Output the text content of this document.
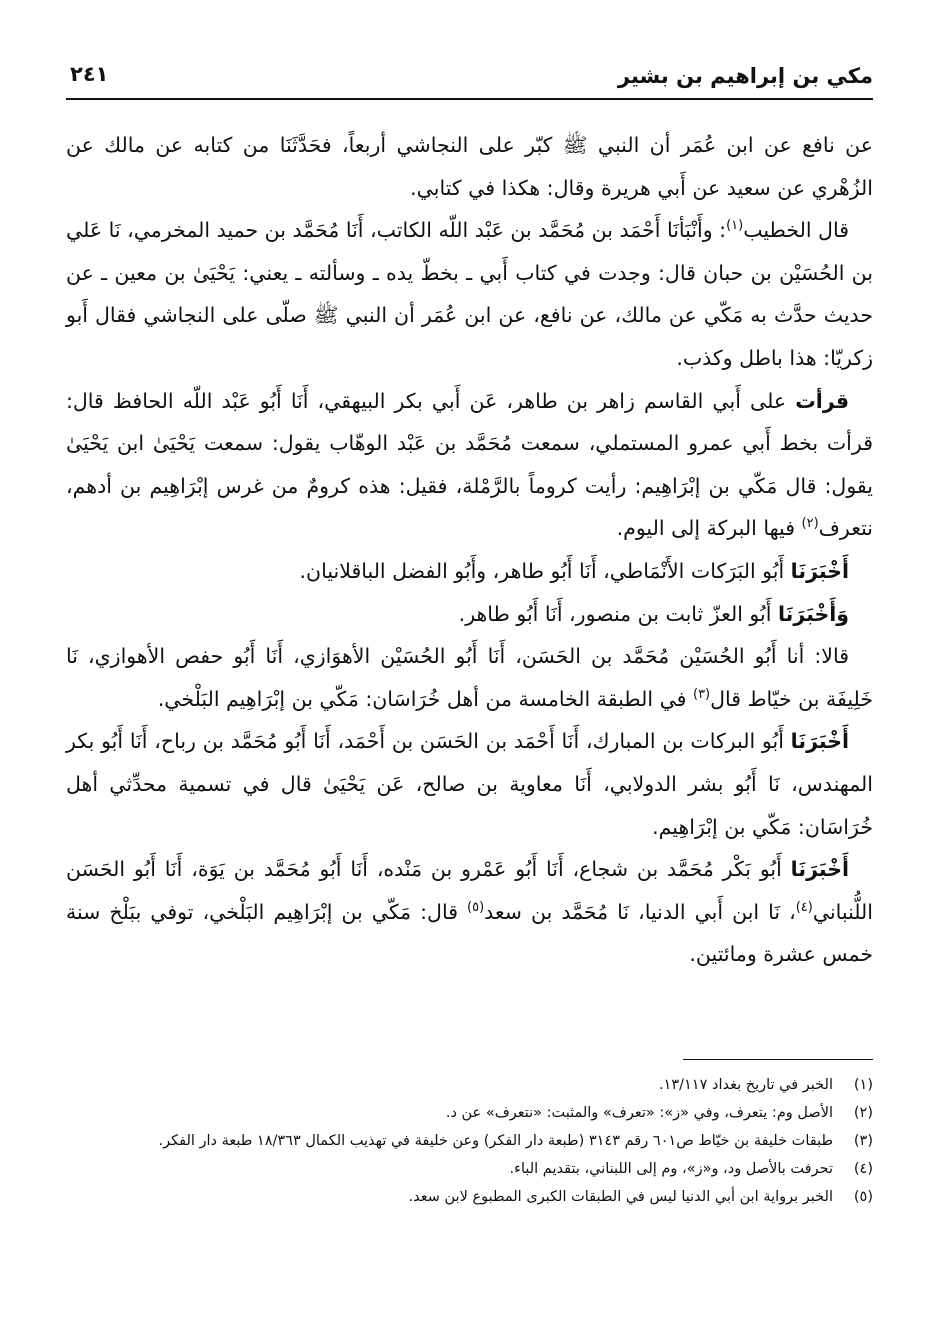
مكي بن إبراهيم بن بشير
٢٤١

عن نافع عن ابن عُمَر أن النبي ﷺ كبّر على النجاشي أربعاً، فحَدَّثَنَا من كتابه عن مالك عن الزُهْري عن سعيد عن أَبي هريرة وقال: هكذا في كتابي.

قال الخطيب$^{(١)}$: وأَنْبَأنَا أَحْمَد بن مُحَمَّد بن عَبْد اللّه الكاتب، أَنَا مُحَمَّد بن حميد المخرمي، نَا عَلي بن الحُسَيْن بن حبان قال: وجدت في كتاب أَبي ـ بخطّ يده ـ وسألته ـ يعني: يَحْيَىٰ بن معين ـ عن حديث حدَّث به مَكّي عن مالك، عن نافع، عن ابن عُمَر أن النبي ﷺ صلّى على النجاشي فقال أَبو زكريّا: هذا باطل وكذب.

قرأت على أَبي القاسم زاهر بن طاهر، عَن أَبي بكر البيهقي، أَنَا أَبُو عَبْد اللّه الحافظ قال: قرأت بخط أَبي عمرو المستملي، سمعت مُحَمَّد بن عَبْد الوهّاب يقول: سمعت يَحْيَىٰ ابن يَحْيَىٰ يقول: قال مَكّي بن إبْرَاهِيم: رأيت كروماً بالرَّمْلة، فقيل: هذه كرومٌ من غرس إبْرَاهِيم بن أدهم، نتعرف$^{(٢)}$ فيها البركة إلى اليوم.

أَخْبَرَنَا أَبُو البَرَكات الأَنْمَاطي، أَنَا أَبُو طاهر، وأَبُو الفضل الباقلانيان.

وَأَخْبَرَنَا أَبُو العزّ ثابت بن منصور، أَنَا أَبُو طاهر.

قالا: أنا أَبُو الحُسَيْن مُحَمَّد بن الحَسَن، أَنَا أَبُو الحُسَيْن الأهوَازي، أَنَا أَبُو حفص الأهوازي، نَا خَلِيفَة بن خيّاط قال$^{(٣)}$ في الطبقة الخامسة من أهل خُرَاسَان: مَكّي بن إبْرَاهِيم البَلْخي.

أَخْبَرَنَا أَبُو البركات بن المبارك، أَنَا أَحْمَد بن الحَسَن بن أَحْمَد، أَنَا أَبُو مُحَمَّد بن رباح، أَنَا أَبُو بكر المهندس، نَا أَبُو بشر الدولابي، أَنَا معاوية بن صالح، عَن يَحْيَىٰ قال في تسمية محدِّثي أهل خُرَاسَان: مَكّي بن إبْرَاهِيم.

أَخْبَرَنَا أَبُو بَكْر مُحَمَّد بن شجاع، أَنَا أَبُو عَمْرو بن مَنْده، أَنَا أَبُو مُحَمَّد بن يَوَة، أَنَا أَبُو الحَسَن اللُّنباني$^{(٤)}$، نَا ابن أَبي الدنيا، نَا مُحَمَّد بن سعد$^{(٥)}$ قال: مَكّي بن إبْرَاهِيم البَلْخي، توفي ببَلْخ سنة خمس عشرة ومائتين.

(١)
الخبر في تاريخ بغداد ١٣/١١٧.
(٢)
الأصل وم: يتعرف، وفي «ز»: «تعرف» والمثبت: «نتعرف» عن د.
(٣)
طبقات خليفة بن خيّاط ص٦٠١ رقم ٣١٤٣ (طبعة دار الفكر) وعن خليفة في تهذيب الكمال ١٨/٣٦٣ طبعة دار الفكر.
(٤)
تحرفت بالأصل ود، و«ز»، وم إلى اللبناني، بتقديم الباء.
(٥)
الخبر برواية ابن أبي الدنيا ليس في الطبقات الكبرى المطبوع لابن سعد.
